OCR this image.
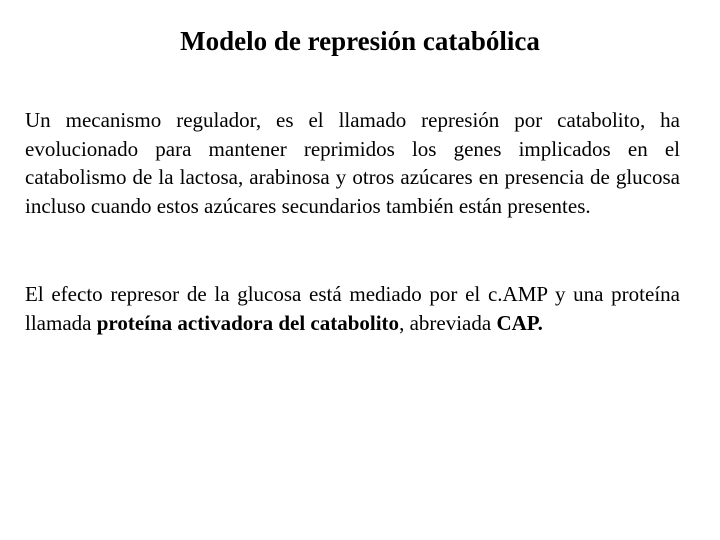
Modelo de represión catabólica

Un mecanismo regulador, es el llamado represión por catabolito, ha evolucionado para mantener reprimidos los genes implicados en el catabolismo de la lactosa, arabinosa y otros azúcares en presencia de glucosa incluso cuando estos azúcares secundarios también están presentes.

El efecto represor de la glucosa está mediado por el c.AMP y una proteína llamada proteína activadora del catabolito, abreviada CAP.
